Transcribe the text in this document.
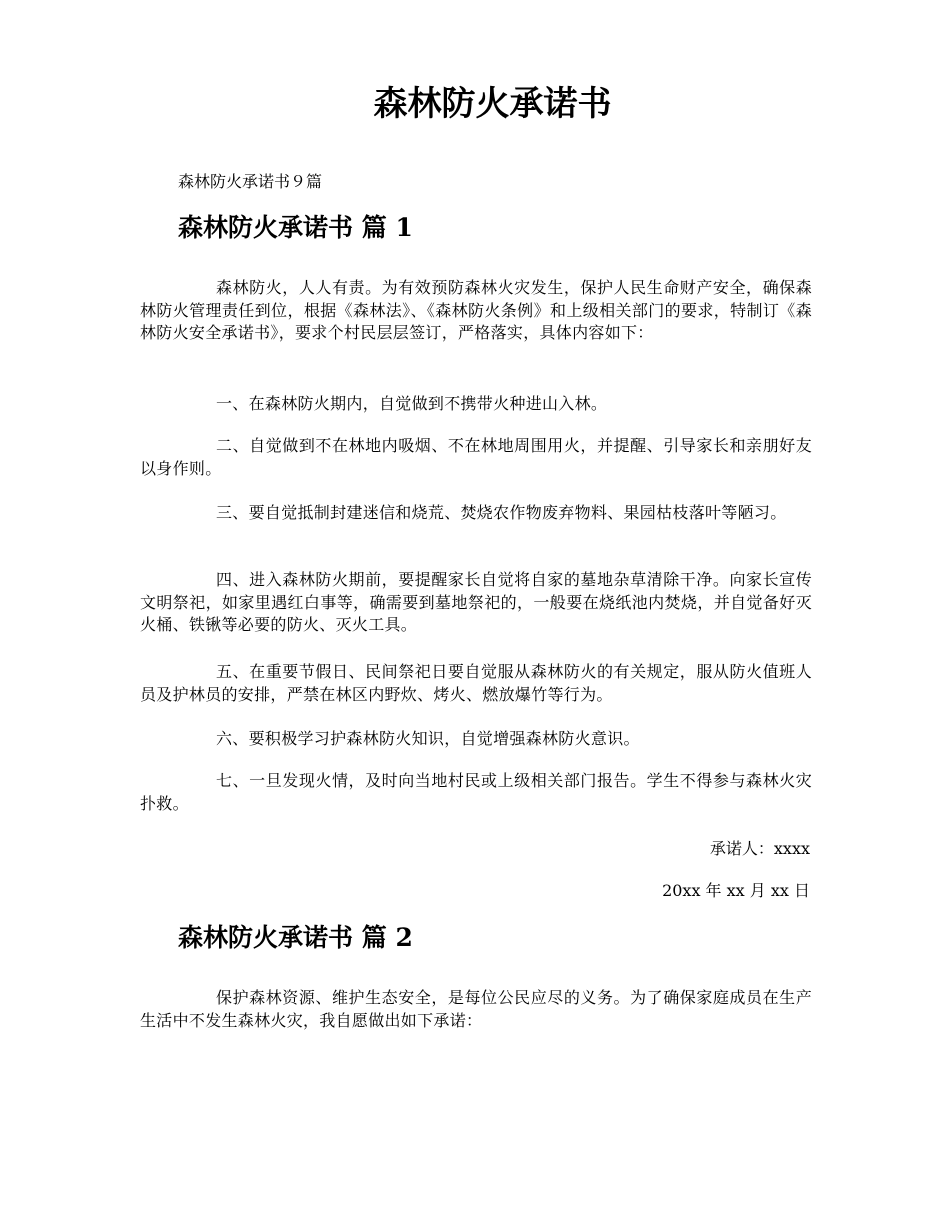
森林防火承诺书

森林防火承诺书９篇

森林防火承诺书 篇 1

森林防火，人人有责。为有效预防森林火灾发生，保护人民生命财产安全，确保森林防火管理责任到位，根据《森林法》、《森林防火条例》和上级相关部门的要求，特制订《森林防火安全承诺书》，要求个村民层层签订，严格落实，具体内容如下：

一、在森林防火期内，自觉做到不携带火种进山入林。

二、自觉做到不在林地内吸烟、不在林地周围用火，并提醒、引导家长和亲朋好友以身作则。

三、要自觉抵制封建迷信和烧荒、焚烧农作物废弃物料、果园枯枝落叶等陋习。

四、进入森林防火期前，要提醒家长自觉将自家的墓地杂草清除干净。向家长宣传文明祭祀，如家里遇红白事等，确需要到墓地祭祀的，一般要在烧纸池内焚烧，并自觉备好灭火桶、铁锹等必要的防火、灭火工具。

五、在重要节假日、民间祭祀日要自觉服从森林防火的有关规定，服从防火值班人员及护林员的安排，严禁在林区内野炊、烤火、燃放爆竹等行为。

六、要积极学习护森林防火知识，自觉增强森林防火意识。

七、一旦发现火情，及时向当地村民或上级相关部门报告。学生不得参与森林火灾扑救。

承诺人：xxxx

20xx 年 xx 月 xx 日

森林防火承诺书 篇 2

保护森林资源、维护生态安全，是每位公民应尽的义务。为了确保家庭成员在生产生活中不发生森林火灾，我自愿做出如下承诺：
